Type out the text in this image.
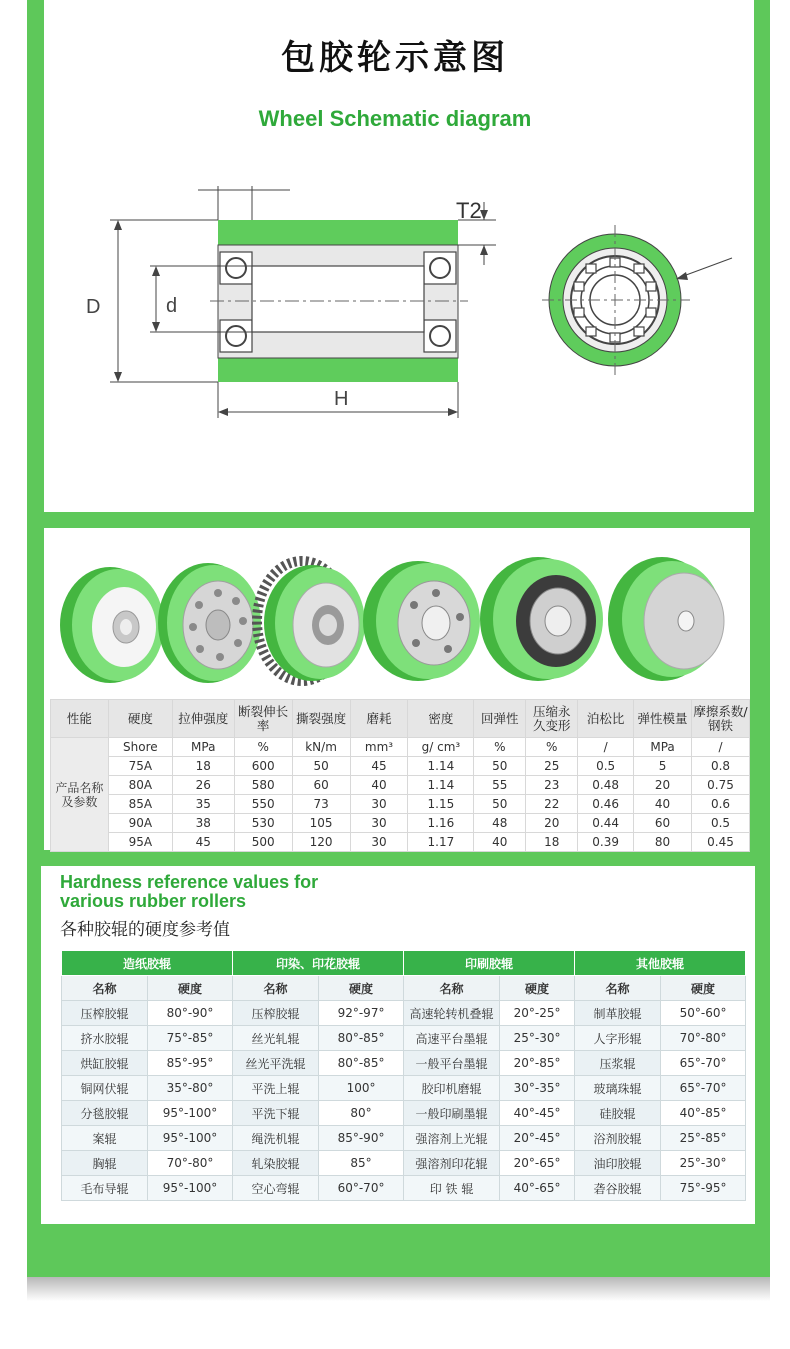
包胶轮示意图
Wheel Schematic diagram
D	d
H
T2
性能	硬度	拉伸强度	断裂伸长率	撕裂强度	磨耗	密度	回弹性	压缩永久变形	泊松比	弹性模量	摩擦系数/钢铁
产品名称及参数	Shore	MPa	%	kN/m	mm³	g/ cm³	%	%	/	MPa	/
	75A	18	600	50	45	1.14	50	25	0.5	5	0.8
	80A	26	580	60	40	1.14	55	23	0.48	20	0.75
	85A	35	550	73	30	1.15	50	22	0.46	40	0.6
	90A	38	530	105	30	1.16	48	20	0.44	60	0.5
	95A	45	500	120	30	1.17	40	18	0.39	80	0.45
Hardness reference values for
various rubber rollers
各种胶辊的硬度参考值
造纸胶辊		印染、印花胶辊		印刷胶辊		其他胶辊	
名称	硬度	名称	硬度	名称	硬度	名称	硬度
压榨胶辊	80°-90°	压榨胶辊	92°-97°	高速轮转机叠辊	20°-25°	制革胶辊	50°-60°
挤水胶辊	75°-85°	丝光轧辊	80°-85°	高速平台墨辊	25°-30°	人字形辊	70°-80°
烘缸胶辊	85°-95°	丝光平洗辊	80°-85°	一般平台墨辊	20°-85°	压浆辊	65°-70°
铜网伏辊	35°-80°	平洗上辊	100°	胶印机磨辊	30°-35°	玻璃珠辊	65°-70°
分毯胶辊	95°-100°	平洗下辊	80°	一般印刷墨辊	40°-45°	硅胶辊	40°-85°
案辊	95°-100°	绳洗机辊	85°-90°	强溶剂上光辊	20°-45°	浴剂胶辊	25°-85°
胸辊	70°-80°	轧染胶辊	85°	强溶剂印花辊	20°-65°	油印胶辊	25°-30°
毛布导辊	95°-100°	空心弯辊	60°-70°	印 铁 辊	40°-65°	砻谷胶辊	75°-95°
